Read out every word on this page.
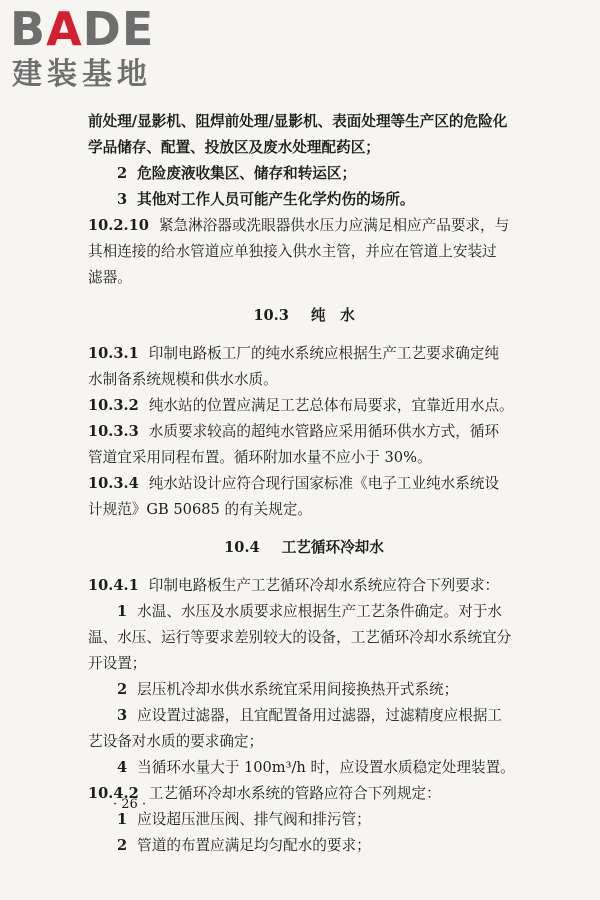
BADE
建装基地
前处理/显影机、阻焊前处理/显影机、表面处理等生产区的危险化
学品储存、配置、投放区及废水处理配药区；
2 危险废液收集区、储存和转运区；
3 其他对工作人员可能产生化学灼伤的场所。
10.2.10 紧急淋浴器或洗眼器供水压力应满足相应产品要求，与
其相连接的给水管道应单独接入供水主管，并应在管道上安装过
滤器。
10.3 纯　水
10.3.1 印制电路板工厂的纯水系统应根据生产工艺要求确定纯
水制备系统规模和供水水质。
10.3.2 纯水站的位置应满足工艺总体布局要求，宜靠近用水点。
10.3.3 水质要求较高的超纯水管路应采用循环供水方式，循环
管道宜采用同程布置。循环附加水量不应小于 30%。
10.3.4 纯水站设计应符合现行国家标准《电子工业纯水系统设
计规范》GB 50685 的有关规定。
10.4 工艺循环冷却水
10.4.1 印制电路板生产工艺循环冷却水系统应符合下列要求：
1 水温、水压及水质要求应根据生产工艺条件确定。对于水
温、水压、运行等要求差别较大的设备，工艺循环冷却水系统宜分
开设置；
2 层压机冷却水供水系统宜采用间接换热开式系统；
3 应设置过滤器，且宜配置备用过滤器，过滤精度应根据工
艺设备对水质的要求确定；
4 当循环水量大于 100m³/h 时，应设置水质稳定处理装置。
10.4.2 工艺循环冷却水系统的管路应符合下列规定：
1 应设超压泄压阀、排气阀和排污管；
2 管道的布置应满足均匀配水的要求；
· 26 ·
